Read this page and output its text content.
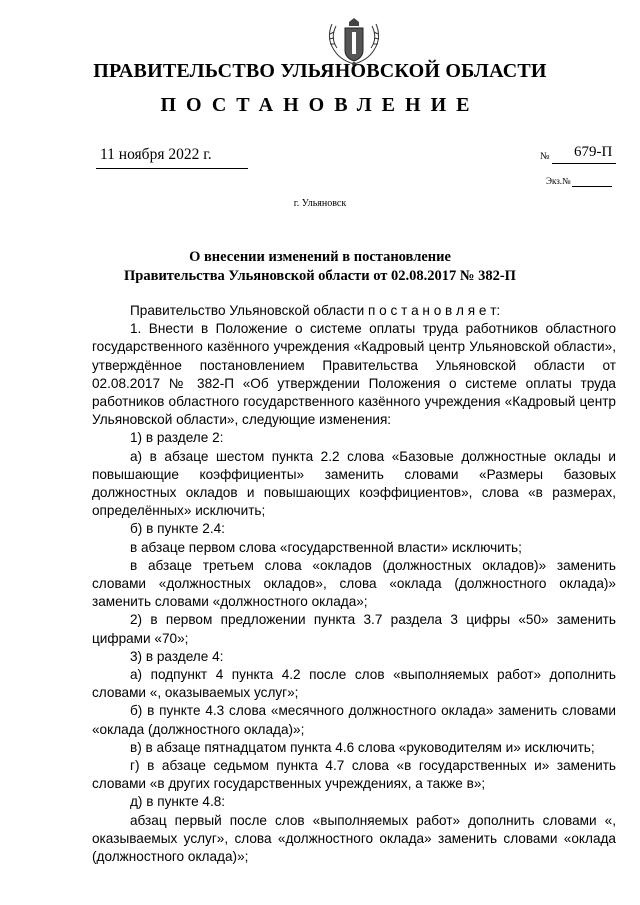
ПРАВИТЕЛЬСТВО УЛЬЯНОВСКОЙ ОБЛАСТИ
ПОСТАНОВЛЕНИЕ
11 ноября 2022 г.	№ 679-П
Экз.№
г. Ульяновск
О внесении изменений в постановление
Правительства Ульяновской области от 02.08.2017 № 382-П

Правительство Ульяновской области п о с т а н о в л я е т:

1. Внести в Положение о системе оплаты труда работников областного государственного казённого учреждения «Кадровый центр Ульяновской области», утверждённое постановлением Правительства Ульяновской области от 02.08.2017 № 382-П «Об утверждении Положения о системе оплаты труда работников областного государственного казённого учреждения «Кадровый центр Ульяновской области», следующие изменения:

1) в разделе 2:

а) в абзаце шестом пункта 2.2 слова «Базовые должностные оклады и повышающие коэффициенты» заменить словами «Размеры базовых должностных окладов и повышающих коэффициентов», слова «в размерах, определённых» исключить;

б) в пункте 2.4:

в абзаце первом слова «государственной власти» исключить;

в абзаце третьем слова «окладов (должностных окладов)» заменить словами «должностных окладов», слова «оклада (должностного оклада)» заменить словами «должностного оклада»;

2) в первом предложении пункта 3.7 раздела 3 цифры «50» заменить цифрами «70»;

3) в разделе 4:

а) подпункт 4 пункта 4.2 после слов «выполняемых работ» дополнить словами «, оказываемых услуг»;

б) в пункте 4.3 слова «месячного должностного оклада» заменить словами «оклада (должностного оклада)»;

в) в абзаце пятнадцатом пункта 4.6 слова «руководителям и» исключить;

г) в абзаце седьмом пункта 4.7 слова «в государственных и» заменить словами «в других государственных учреждениях, а также в»;

д) в пункте 4.8:

абзац первый после слов «выполняемых работ» дополнить словами «, оказываемых услуг», слова «должностного оклада» заменить словами «оклада (должностного оклада)»;
